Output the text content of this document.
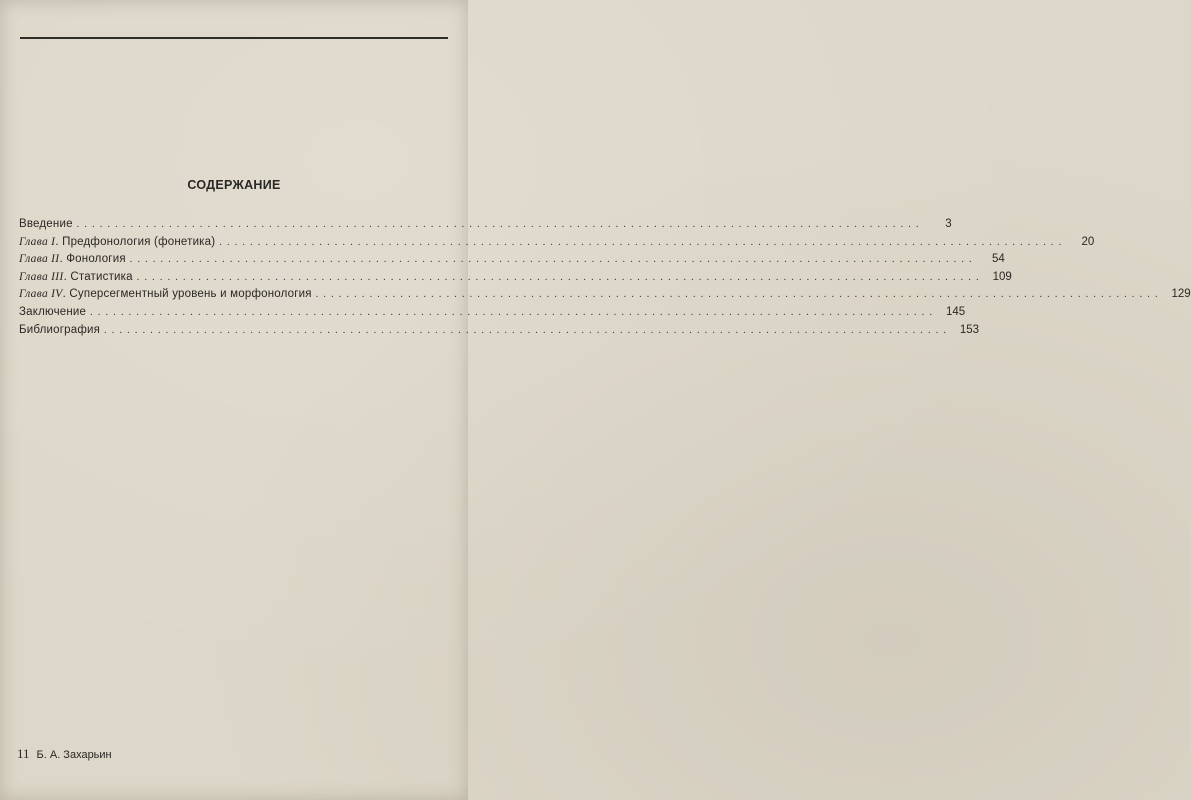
СОДЕРЖАНИЕ
Введение ..............................................................................................................	3
Глава I . Предфонология (фонетика) ..............................................................................................................	20
Глава II . Фонология ..............................................................................................................	54
Глава III . Статистика .............................................................................................................. 109
Глава IV . Суперсегментный уровень и морфонология .............................................................................................................. 129
Заключение .............................................................................................................. 145
Библиография .............................................................................................................. 153
11 Б. А. Захарьин
